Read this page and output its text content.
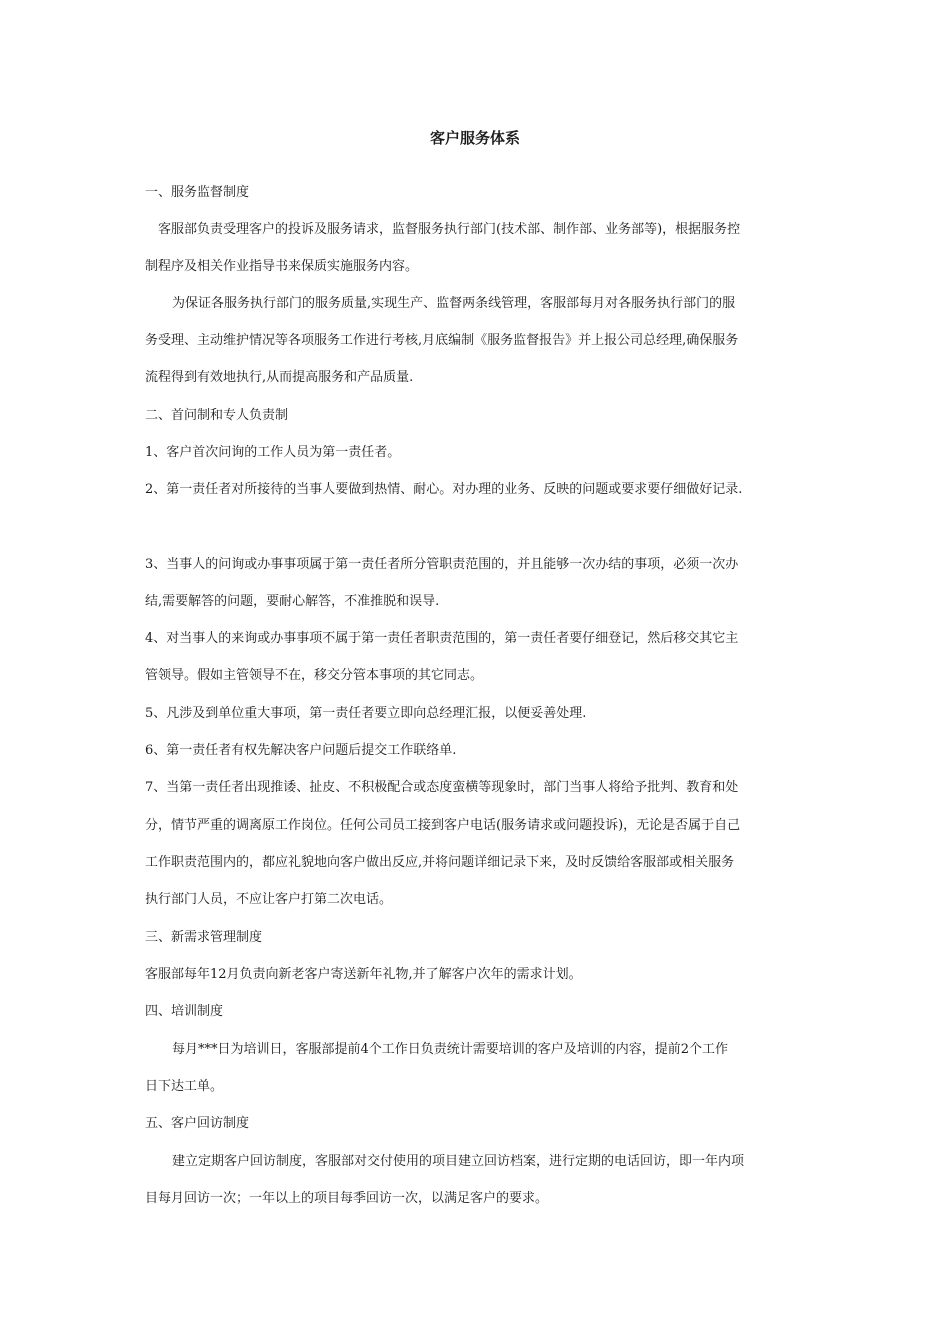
客户服务体系
一、服务监督制度
客服部负责受理客户的投诉及服务请求，监督服务执行部门(技术部、制作部、业务部等)，根据服务控
制程序及相关作业指导书来保质实施服务内容。
为保证各服务执行部门的服务质量,实现生产、监督两条线管理，客服部每月对各服务执行部门的服
务受理、主动维护情况等各项服务工作进行考核,月底编制《服务监督报告》并上报公司总经理,确保服务
流程得到有效地执行,从而提高服务和产品质量.
二、首问制和专人负责制
1、客户首次问询的工作人员为第一责任者。
2、第一责任者对所接待的当事人要做到热情、耐心。对办理的业务、反映的问题或要求要仔细做好记录.
3、当事人的问询或办事事项属于第一责任者所分管职责范围的，并且能够一次办结的事项，必须一次办
结,需要解答的问题，要耐心解答，不准推脱和误导.
4、对当事人的来询或办事事项不属于第一责任者职责范围的，第一责任者要仔细登记，然后移交其它主
管领导。假如主管领导不在，移交分管本事项的其它同志。
5、凡涉及到单位重大事项，第一责任者要立即向总经理汇报，以便妥善处理.
6、第一责任者有权先解决客户问题后提交工作联络单.
7、当第一责任者出现推诿、扯皮、不积极配合或态度蛮横等现象时，部门当事人将给予批判、教育和处
分，情节严重的调离原工作岗位。任何公司员工接到客户电话(服务请求或问题投诉)，无论是否属于自己
工作职责范围内的，都应礼貌地向客户做出反应,并将问题详细记录下来，及时反馈给客服部或相关服务
执行部门人员，不应让客户打第二次电话。
三、新需求管理制度
客服部每年12月负责向新老客户寄送新年礼物,并了解客户次年的需求计划。
四、培训制度
每月***日为培训日，客服部提前4个工作日负责统计需要培训的客户及培训的内容，提前2个工作
日下达工单。
五、客户回访制度
建立定期客户回访制度，客服部对交付使用的项目建立回访档案，进行定期的电话回访，即一年内项
目每月回访一次；一年以上的项目每季回访一次，以满足客户的要求。
